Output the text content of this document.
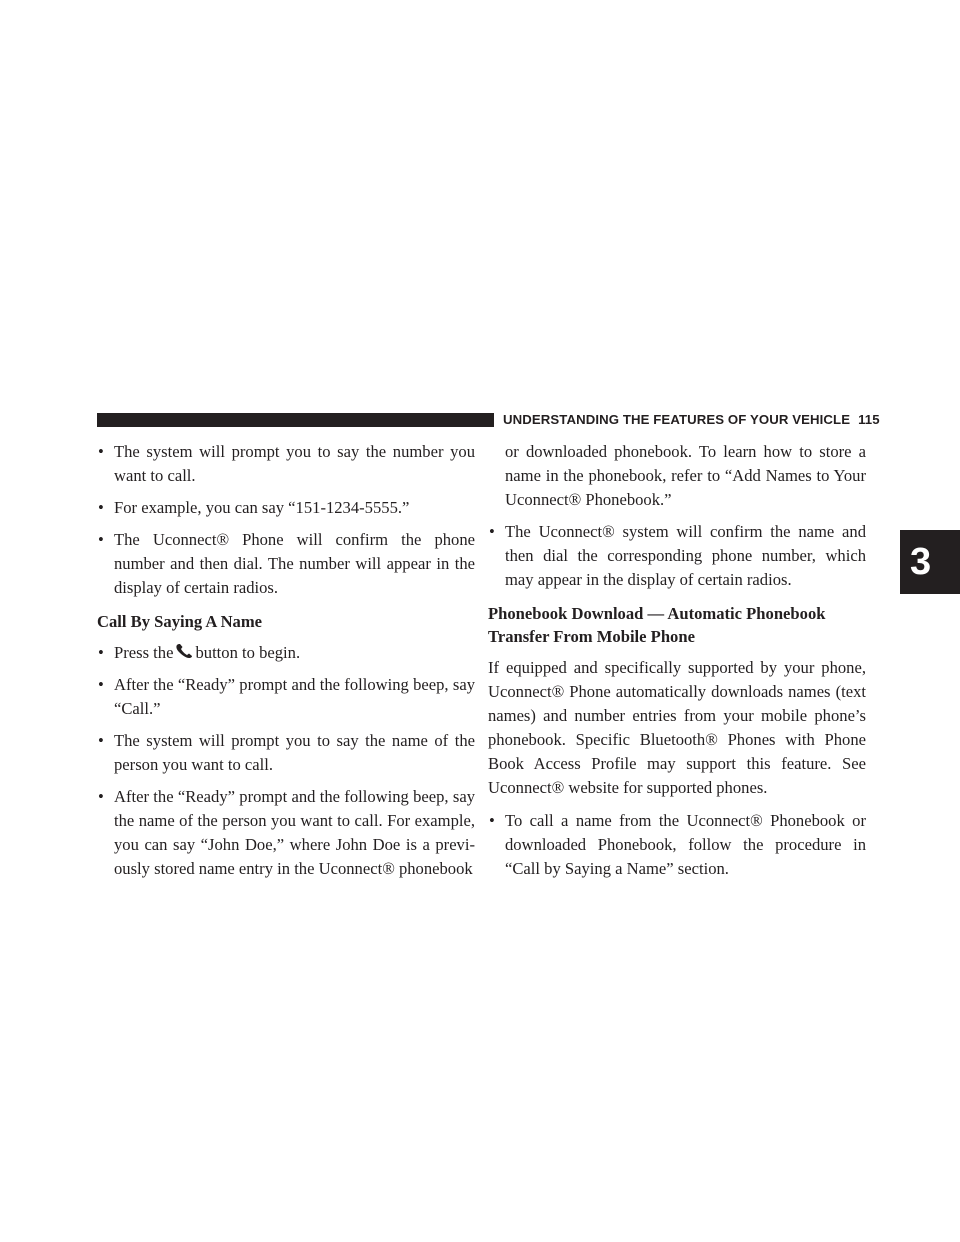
UNDERSTANDING THE FEATURES OF YOUR VEHICLE 115
3
• The system will prompt you to say the number you want to call.
• For example, you can say “151-1234-5555.”
• The Uconnect® Phone will confirm the phone number and then dial. The number will appear in the display of certain radios.
Call By Saying A Name
• Press the button to begin.
• After the “Ready” prompt and the following beep, say “Call.”
• The system will prompt you to say the name of the person you want to call.
• After the “Ready” prompt and the following beep, say the name of the person you want to call. For example, you can say “John Doe,” where John Doe is a previ-ously stored name entry in the Uconnect® phonebook
or downloaded phonebook. To learn how to store a name in the phonebook, refer to “Add Names to Your Uconnect® Phonebook.”
• The Uconnect® system will confirm the name and then dial the corresponding phone number, which may appear in the display of certain radios.
Phonebook Download — Automatic Phonebook Transfer From Mobile Phone

If equipped and specifically supported by your phone, Uconnect® Phone automatically downloads names (text names) and number entries from your mobile phone’s phonebook. Specific Bluetooth® Phones with Phone Book Access Profile may support this feature. See Uconnect® website for supported phones.

• To call a name from the Uconnect® Phonebook or downloaded Phonebook, follow the procedure in “Call by Saying a Name” section.
